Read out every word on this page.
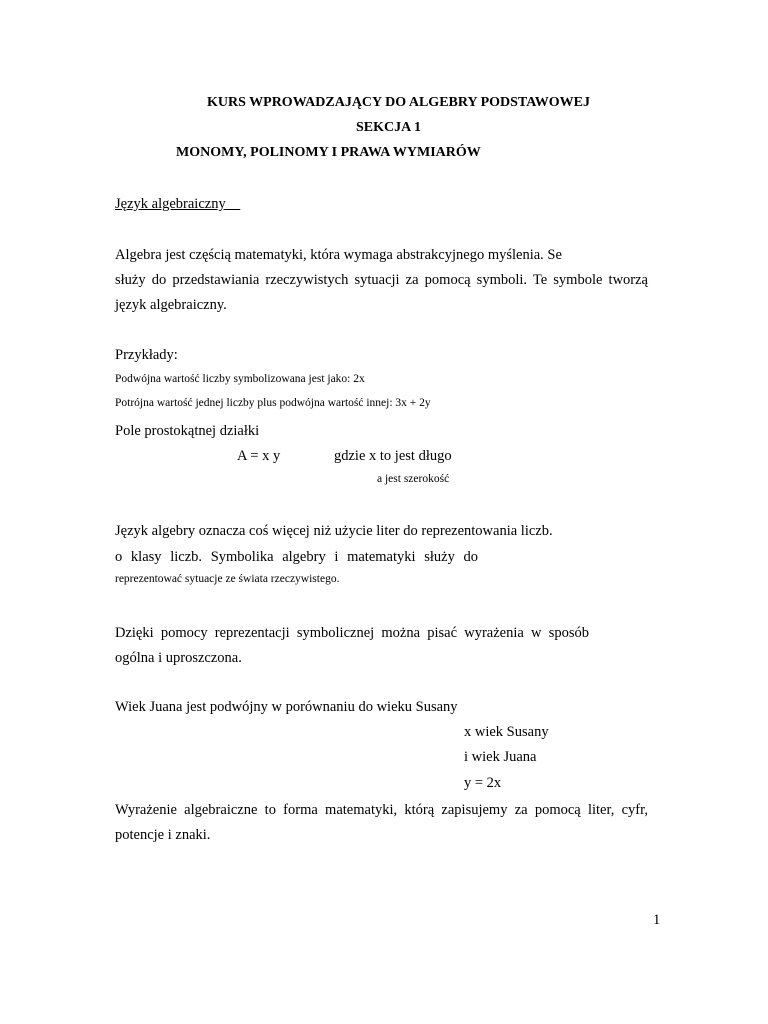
KURS WPROWADZAJĄCY DO ALGEBRY PODSTAWOWEJ
SEKCJA 1
MONOMY, POLINOMY I PRAWA WYMIARÓW
Język algebraiczny
Algebra jest częścią matematyki, która wymaga abstrakcyjnego myślenia. Se
służy do przedstawiania rzeczywistych sytuacji za pomocą symboli. Te symbole tworzą
język algebraiczny.
Przykłady:
Podwójna wartość liczby symbolizowana jest jako: 2x
Potrójna wartość jednej liczby plus podwójna wartość innej: 3x + 2y
Pole prostokątnej działki
A = x y	gdzie x to jest długo
a jest szerokość
Język algebry oznacza coś więcej niż użycie liter do reprezentowania liczb.
o klasy liczb. Symbolika algebry i matematyki służy do
reprezentować sytuacje ze świata rzeczywistego.
Dzięki pomocy reprezentacji symbolicznej można pisać wyrażenia w sposób
ogólna i uproszczona.
Wiek Juana jest podwójny w porównaniu do wieku Susany
x wiek Susany
i wiek Juana
y = 2x
Wyrażenie algebraiczne to forma matematyki, którą zapisujemy za pomocą liter, cyfr,
potencje i znaki.
1
